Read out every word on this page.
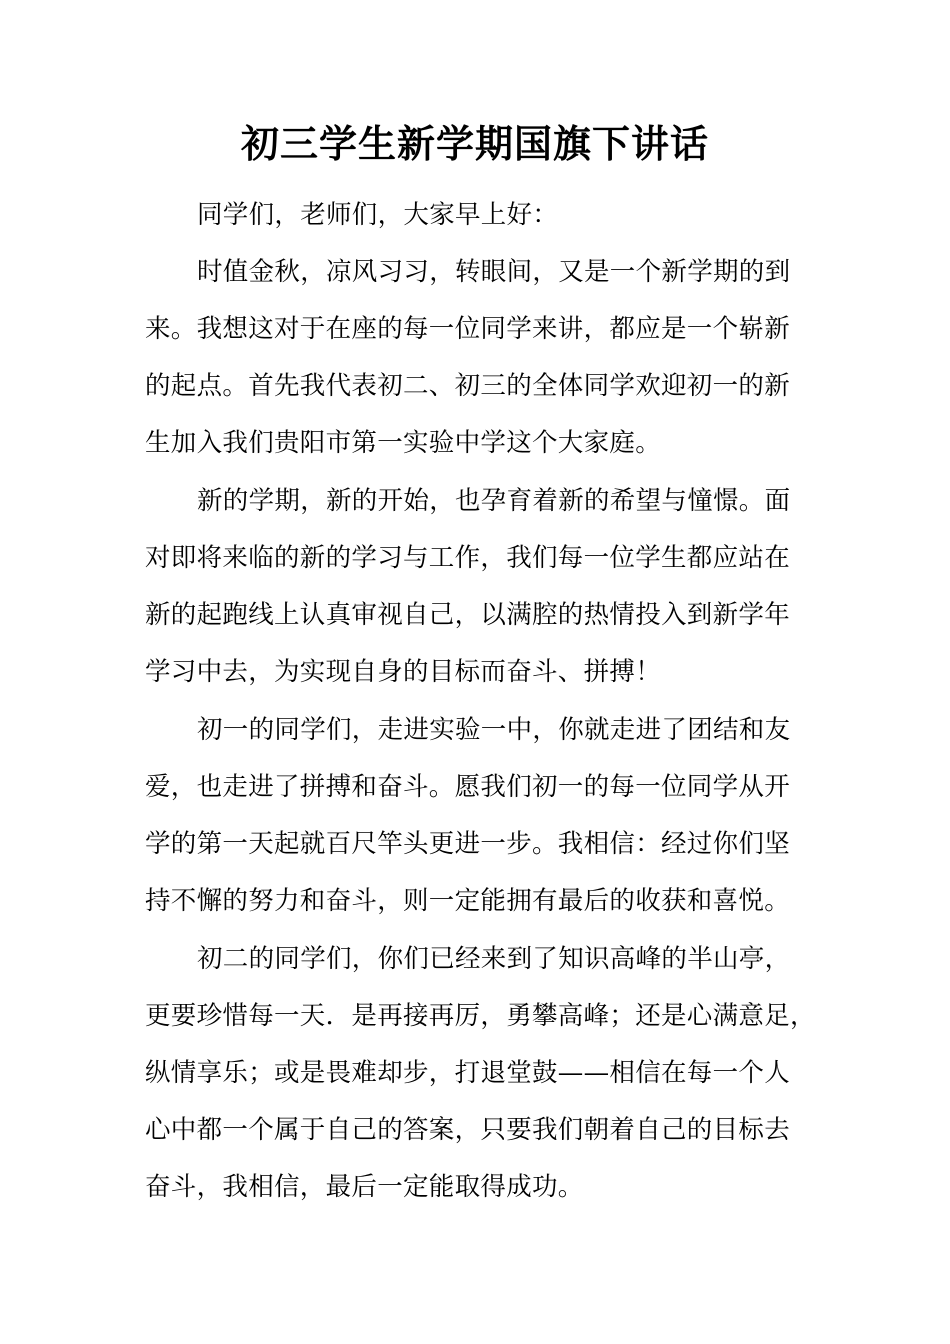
初三学生新学期国旗下讲话

同学们，老师们，大家早上好：

时值金秋，凉风习习，转眼间，又是一个新学期的到

来。我想这对于在座的每一位同学来讲，都应是一个崭新

的起点。首先我代表初二、初三的全体同学欢迎初一的新

生加入我们贵阳市第一实验中学这个大家庭。

新的学期，新的开始，也孕育着新的希望与憧憬。面

对即将来临的新的学习与工作，我们每一位学生都应站在

新的起跑线上认真审视自己，以满腔的热情投入到新学年

学习中去，为实现自身的目标而奋斗、拼搏！

初一的同学们，走进实验一中，你就走进了团结和友

爱，也走进了拼搏和奋斗。愿我们初一的每一位同学从开

学的第一天起就百尺竿头更进一步。我相信：经过你们坚

持不懈的努力和奋斗，则一定能拥有最后的收获和喜悦。

初二的同学们，你们已经来到了知识高峰的半山亭，

更要珍惜每一天．是再接再厉，勇攀高峰；还是心满意足，

纵情享乐；或是畏难却步，打退堂鼓——相信在每一个人

心中都一个属于自己的答案，只要我们朝着自己的目标去

奋斗，我相信，最后一定能取得成功。
